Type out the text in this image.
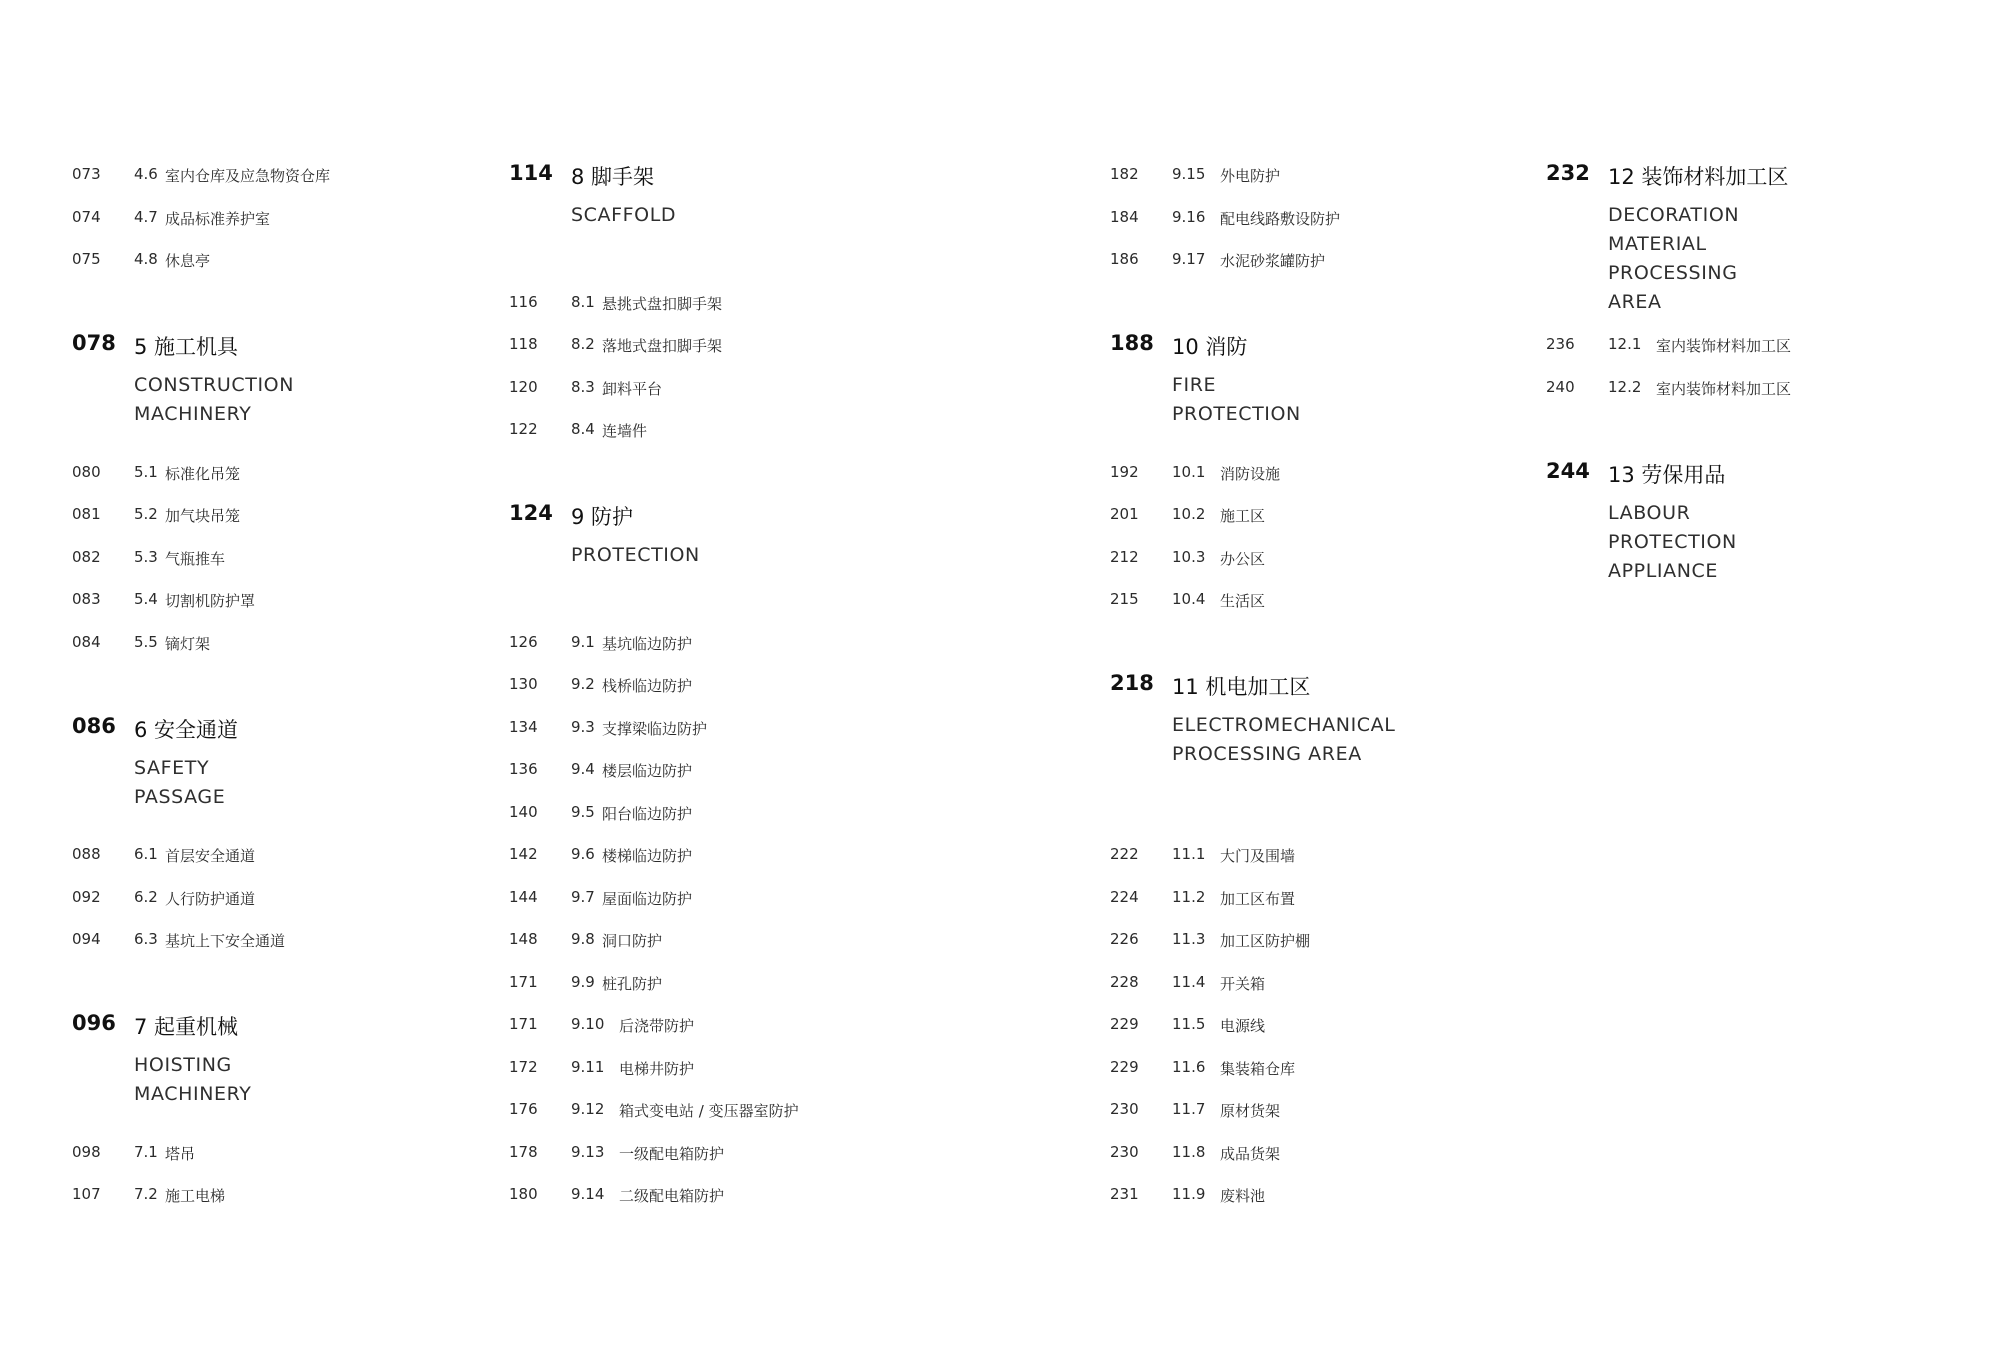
073	4.6 室内仓库及应急物资仓库
074	4.7 成品标准养护室
075	4.8 休息亭
078 5 施工机具
CONSTRUCTION MACHINERY
080	5.1 标准化吊笼
081	5.2 加气块吊笼
082	5.3 气瓶推车
083	5.4 切割机防护罩
084	5.5 镝灯架
086 6 安全通道
SAFETY PASSAGE
088	6.1 首层安全通道
092	6.2 人行防护通道
094	6.3 基坑上下安全通道
096 7 起重机械
HOISTING MACHINERY
098	7.1 塔吊
107	7.2 施工电梯
114 8 脚手架
SCAFFOLD
116	8.1 悬挑式盘扣脚手架
118	8.2 落地式盘扣脚手架
120	8.3 卸料平台
122	8.4 连墙件
124 9 防护
PROTECTION
126	9.1 基坑临边防护
130	9.2 栈桥临边防护
134	9.3 支撑梁临边防护
136	9.4 楼层临边防护
140	9.5 阳台临边防护
142	9.6 楼梯临边防护
144	9.7 屋面临边防护
148	9.8 洞口防护
171	9.9 桩孔防护
171	9.10 后浇带防护
172	9.11 电梯井防护
176	9.12 箱式变电站 / 变压器室防护
178	9.13 一级配电箱防护
180	9.14 二级配电箱防护
182	9.15 外电防护
184	9.16 配电线路敷设防护
186	9.17 水泥砂浆罐防护
188 10 消防
FIRE PROTECTION
192	10.1 消防设施
201	10.2 施工区
212	10.3 办公区
215	10.4 生活区
218 11 机电加工区
ELECTROMECHANICAL
PROCESSING AREA
222	11.1 大门及围墙
224	11.2 加工区布置
226	11.3 加工区防护棚
228	11.4 开关箱
229	11.5 电源线
229	11.6 集装箱仓库
230	11.7 原材货架
230	11.8 成品货架
231	11.9 废料池
232 12 装饰材料加工区
DECORATION MATERIAL
PROCESSING AREA
236	12.1 室内装饰材料加工区
240	12.2 室内装饰材料加工区
244 13 劳保用品
LABOUR PROTECTION APPLIANCE
